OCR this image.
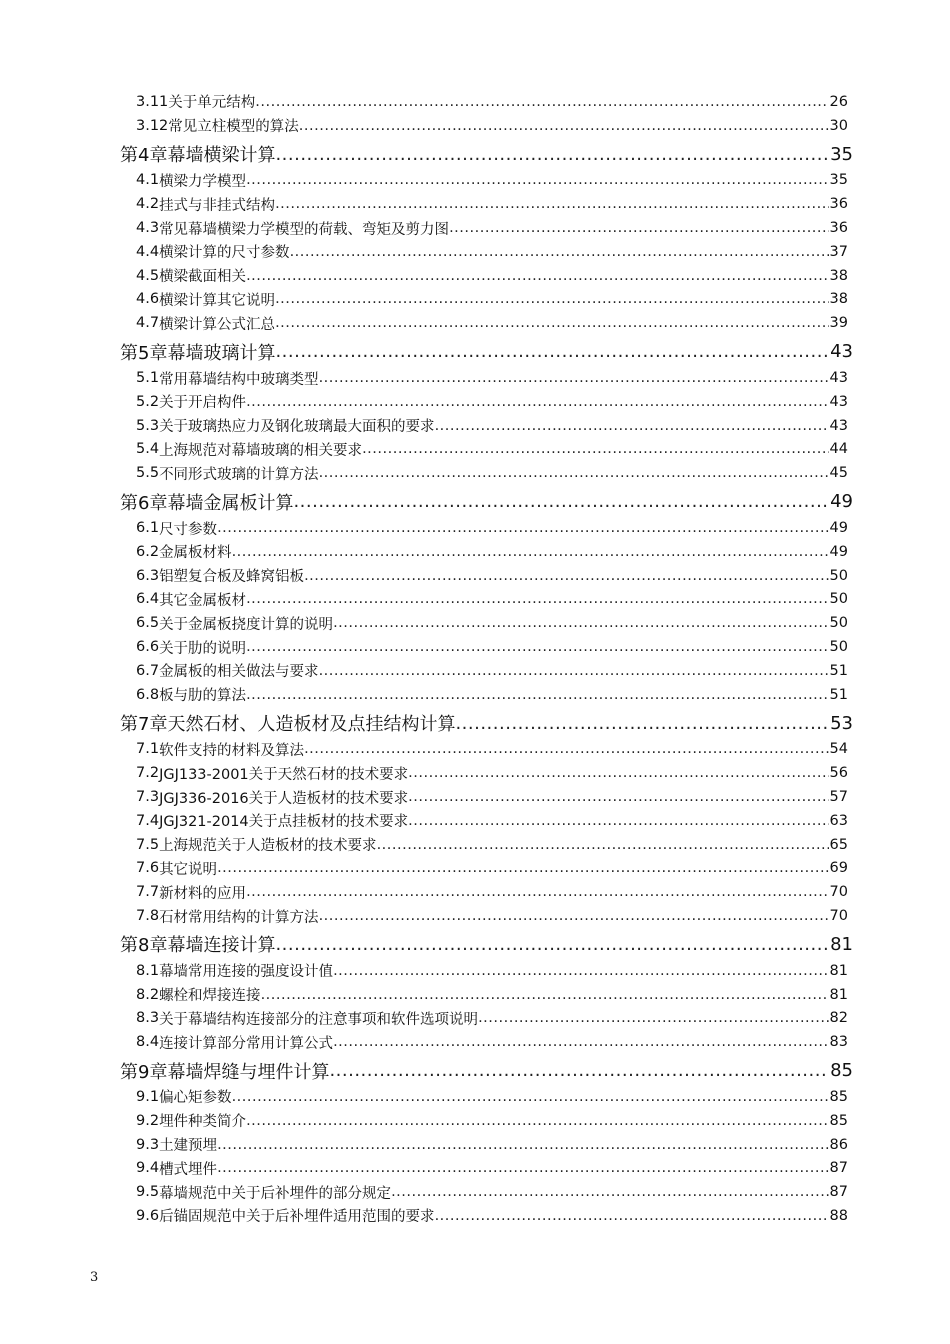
3.11 关于单元结构 .....	26
3.12 常见立柱模型的算法 .....	30
第4章 幕墙横梁计算 .....	35
4.1 横梁力学模型 .....	35
4.2 挂式与非挂式结构 .....	36
4.3 常见幕墙横梁力学模型的荷载、弯矩及剪力图 .....	36
4.4 横梁计算的尺寸参数 .....	37
4.5 横梁截面相关 .....	38
4.6 横梁计算其它说明 .....	38
4.7 横梁计算公式汇总 .....	39
第5章 幕墙玻璃计算 .....	43
5.1 常用幕墙结构中玻璃类型 .....	43
5.2 关于开启构件 .....	43
5.3 关于玻璃热应力及钢化玻璃最大面积的要求 .....	43
5.4 上海规范对幕墙玻璃的相关要求 .....	44
5.5 不同形式玻璃的计算方法 .....	45
第6章 幕墙金属板计算 .....	49
6.1 尺寸参数 .....	49
6.2 金属板材料 .....	49
6.3 铝塑复合板及蜂窝铝板 .....	50
6.4 其它金属板材 .....	50
6.5 关于金属板挠度计算的说明 .....	50
6.6 关于肋的说明 .....	50
6.7 金属板的相关做法与要求 .....	51
6.8 板与肋的算法 .....	51
第7章 天然石材、人造板材及点挂结构计算 .....	53
7.1 软件支持的材料及算法 .....	54
7.2 JGJ133-2001关于天然石材的技术要求 .....	56
7.3 JGJ336-2016关于人造板材的技术要求 .....	57
7.4 JGJ321-2014关于点挂板材的技术要求 .....	63
7.5 上海规范关于人造板材的技术要求 .....	65
7.6 其它说明 .....	69
7.7 新材料的应用 .....	70
7.8 石材常用结构的计算方法 .....	70
第8章 幕墙连接计算 .....	81
8.1 幕墙常用连接的强度设计值 .....	81
8.2 螺栓和焊接连接 .....	81
8.3 关于幕墙结构连接部分的注意事项和软件选项说明 .....	82
8.4 连接计算部分常用计算公式 .....	83
第9章 幕墙焊缝与埋件计算 .....	85
9.1 偏心矩参数 .....	85
9.2 埋件种类简介 .....	85
9.3 土建预埋 .....	86
9.4 槽式埋件 .....	87
9.5 幕墙规范中关于后补埋件的部分规定 .....	87
9.6 后锚固规范中关于后补埋件适用范围的要求 .....	88
3
